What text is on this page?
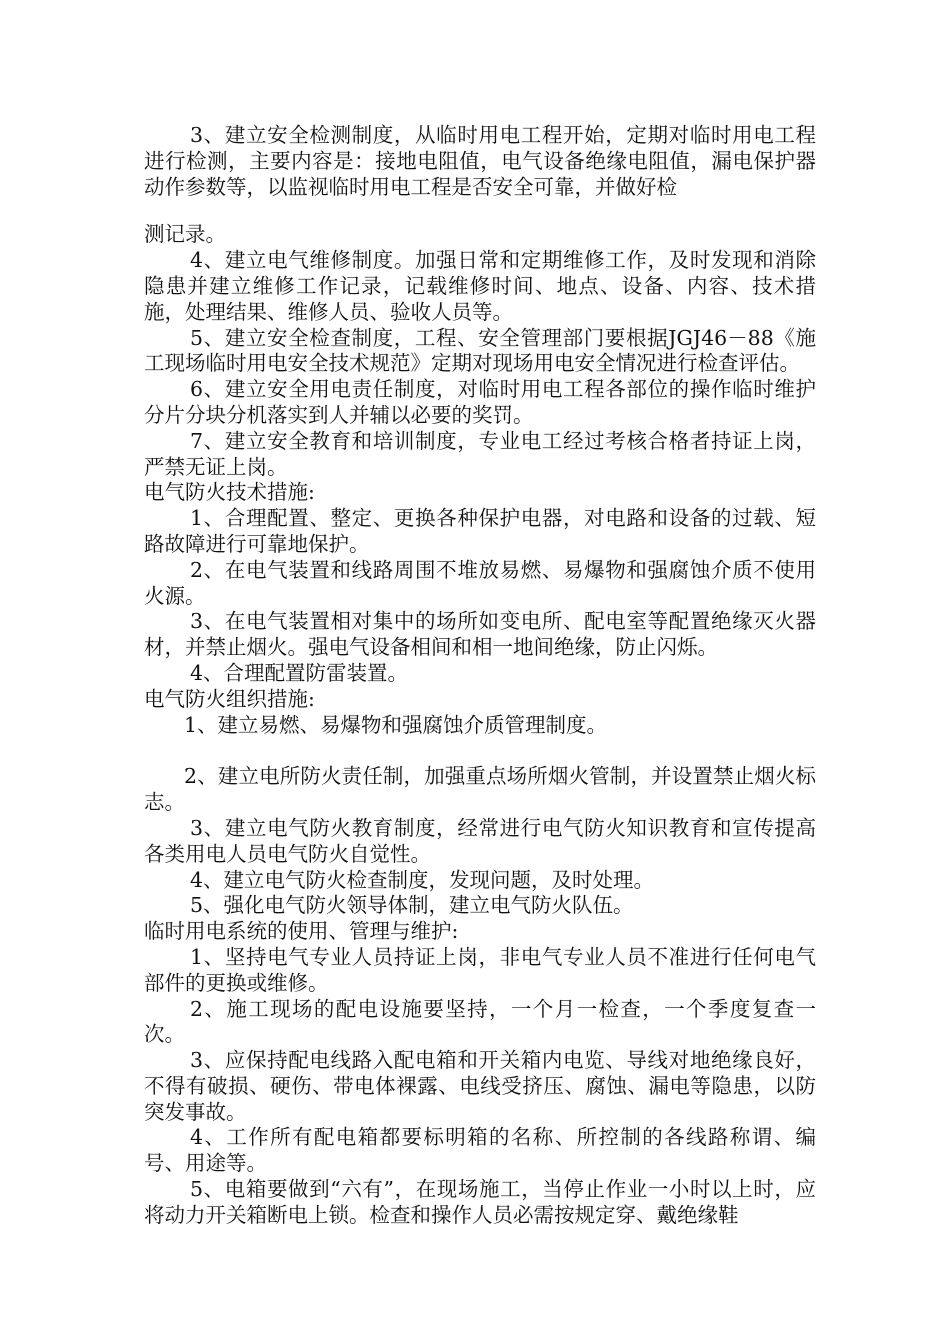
3、建立安全检测制度，从临时用电工程开始，定期对临时用电工程进行检测，主要内容是：接地电阻值，电气设备绝缘电阻值，漏电保护器动作参数等，以监视临时用电工程是否安全可靠，并做好检

测记录。

4、建立电气维修制度。加强日常和定期维修工作，及时发现和消除隐患并建立维修工作记录，记载维修时间、地点、设备、内容、技术措施，处理结果、维修人员、验收人员等。

5、建立安全检查制度，工程、安全管理部门要根据JGJ46－88《施工现场临时用电安全技术规范》定期对现场用电安全情况进行检查评估。

6、建立安全用电责任制度，对临时用电工程各部位的操作临时维护分片分块分机落实到人并辅以必要的奖罚。

7、建立安全教育和培训制度，专业电工经过考核合格者持证上岗，严禁无证上岗。

电气防火技术措施:

1、合理配置、整定、更换各种保护电器，对电路和设备的过载、短路故障进行可靠地保护。

2、在电气装置和线路周围不堆放易燃、易爆物和强腐蚀介质不使用火源。

3、在电气装置相对集中的场所如变电所、配电室等配置绝缘灭火器材，并禁止烟火。强电气设备相间和相一地间绝缘，防止闪烁。

4、合理配置防雷装置。

电气防火组织措施:

1、建立易燃、易爆物和强腐蚀介质管理制度。

2、建立电所防火责任制，加强重点场所烟火管制，并设置禁止烟火标志。

3、建立电气防火教育制度，经常进行电气防火知识教育和宣传提高各类用电人员电气防火自觉性。

4、建立电气防火检查制度，发现问题，及时处理。

5、强化电气防火领导体制，建立电气防火队伍。

临时用电系统的使用、管理与维护:

1、坚持电气专业人员持证上岗，非电气专业人员不准进行任何电气部件的更换或维修。

2、施工现场的配电设施要坚持，一个月一检查，一个季度复查一次。

3、应保持配电线路入配电箱和开关箱内电览、导线对地绝缘良好，不得有破损、硬伤、带电体裸露、电线受挤压、腐蚀、漏电等隐患，以防突发事故。

4、工作所有配电箱都要标明箱的名称、所控制的各线路称谓、编号、用途等。

5、电箱要做到“六有”，在现场施工，当停止作业一小时以上时，应将动力开关箱断电上锁。检查和操作人员必需按规定穿、戴绝缘鞋
